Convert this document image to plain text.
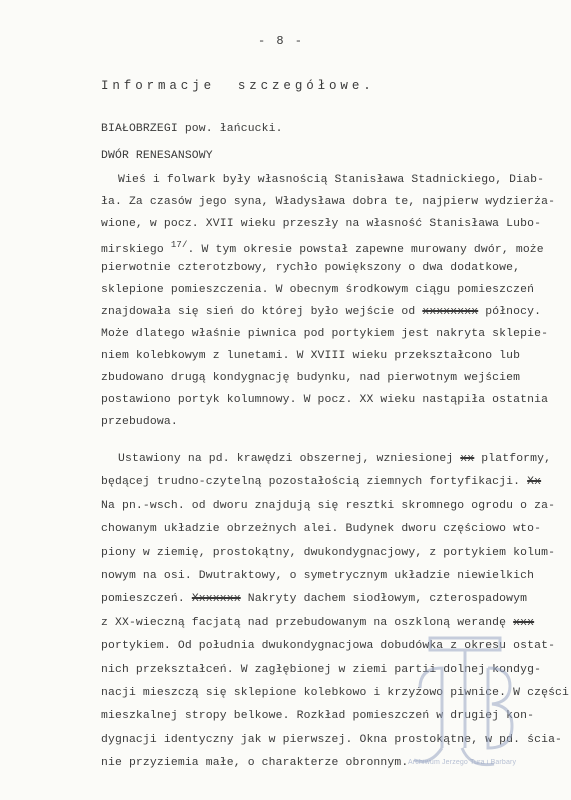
- 8 -
Informacje  szczegółowe.
BIAŁOBRZEGI pow. łańcucki.
DWÓR RENESANSOWY
Wieś i folwark były własnością Stanisława Stadnickiego, Diab-
ła. Za czasów jego syna, Władysława dobra te, najpierw wydzierża-
wione, w pocz. XVII wieku przeszły na własność Stanisława Lubo-
mirskiego $^{17/}$. W tym okresie powstał zapewne murowany dwór, może
pierwotnie czterotzbowy, rychło powiększony o dwa dodatkowe,
sklepione pomieszczenia. W obecnym środkowym ciągu pomieszczeń
znajdowała się sień do której było wejście od xxxxxxxx północy.
Może dlatego właśnie piwnica pod portykiem jest nakryta sklepie-
niem kolebkowym z lunetami. W XVIII wieku przekształcono lub
zbudowano drugą kondygnację budynku, nad pierwotnym wejściem
postawiono portyk kolumnowy. W pocz. XX wieku nastąpiła ostatnia
przebudowa.
Ustawiony na pd. krawędzi obszernej, wzniesionej xx platformy,
będącej trudno-czytelną pozostałością ziemnych fortyfikacji. Xx
Na pn.-wsch. od dworu znajdują się resztki skromnego ogrodu o za-
chowanym układzie obrzeżnych alei. Budynek dworu częściowo wto-
piony w ziemię, prostokątny, dwukondygnacjowy, z portykiem kolum-
nowym na osi. Dwutraktowy, o symetrycznym układzie niewielkich
pomieszczeń. Xxxxxxx Nakryty dachem siodłowym, czterospadowym
z XX-wieczną facjatą nad przebudowanym na oszkloną werandę xxx
portykiem. Od południa dwukondygnacjowa dobudówka z okresu ostat-
nich przekształceń. W zagłębionej w ziemi partii dolnej kondyg-
nacji mieszczą się sklepione kolebkowo i krzyżowo piwnice. W części
mieszkalnej stropy belkowe. Rozkład pomieszczeń w drugiej kon-
dygnacji identyczny jak w pierwszej. Okna prostokątne, w pd. ścia-
nie przyziemia małe, o charakterze obronnym. Archiwum Jerzego Tura i Barbary
